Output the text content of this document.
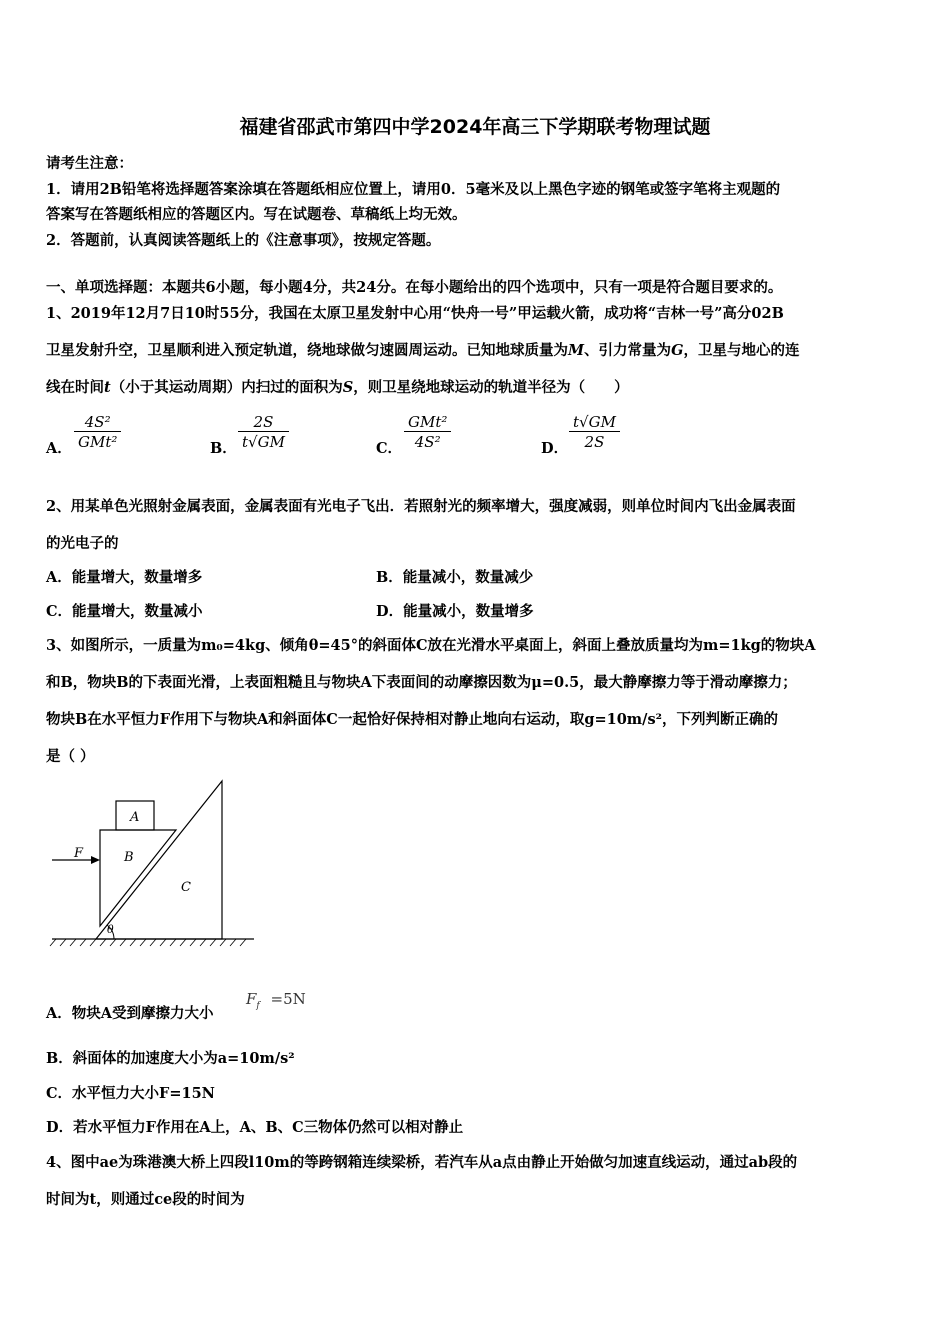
福建省邵武市第四中学2024年高三下学期联考物理试题
请考生注意：
1．请用2B铅笔将选择题答案涂填在答题纸相应位置上，请用0．5毫米及以上黑色字迹的钢笔或签字笔将主观题的
答案写在答题纸相应的答题区内。写在试题卷、草稿纸上均无效。
2．答题前，认真阅读答题纸上的《注意事项》，按规定答题。
一、单项选择题：本题共6小题，每小题4分，共24分。在每小题给出的四个选项中，只有一项是符合题目要求的。
1、2019年12月7日10时55分，我国在太原卫星发射中心用“快舟一号”甲运载火箭，成功将“吉林一号”高分02B
卫星发射升空，卫星顺利进入预定轨道，绕地球做匀速圆周运动。已知地球质量为M、引力常量为G，卫星与地心的连
线在时间t（小于其运动周期）内扫过的面积为S，则卫星绕地球运动的轨道半径为（　　）
A．
4S²
GMt²	B． $\frac{2S}{t√GM}$	C．
GMt²
4S²	D． $\frac{t√GM}{2S}$
2、用某单色光照射金属表面，金属表面有光电子飞出．若照射光的频率增大，强度减弱，则单位时间内飞出金属表面
的光电子的
A．能量增大，数量增多	B．能量减小，数量减少
C．能量增大，数量减小	D．能量减小，数量增多
3、如图所示，一质量为m₀=4kg、倾角θ=45°的斜面体C放在光滑水平桌面上，斜面上叠放质量均为m=1kg的物块A
和B，物块B的下表面光滑，上表面粗糙且与物块A下表面间的动摩擦因数为μ=0.5，最大静摩擦力等于滑动摩擦力；
物块B在水平恒力F作用下与物块A和斜面体C一起恰好保持相对静止地向右运动，取g=10m/s²，下列判断正确的
是（ ）
A
B
C
F
θ
A．物块A受到摩擦力大小
$F_f =5N$
B．斜面体的加速度大小为a=10m/s²
C．水平恒力大小F=15N
D．若水平恒力F作用在A上，A、B、C三物体仍然可以相对静止
4、图中ae为珠港澳大桥上四段l10m的等跨钢箱连续梁桥，若汽车从a点由静止开始做匀加速直线运动，通过ab段的
时间为t，则通过ce段的时间为
